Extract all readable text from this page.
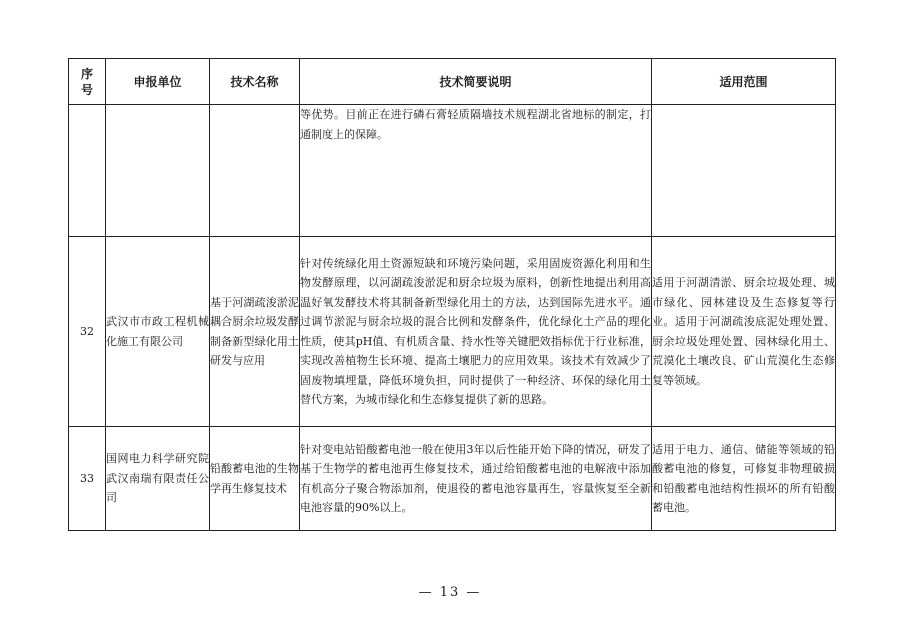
序号	申报单位	技术名称	技术简要说明	适用范围
			等优势。目前正在进行磷石膏轻质隔墙技术规程湖北省地标的制定，打通制度上的保障。	
32	武汉市市政工程机械化施工有限公司	基于河湖疏浚淤泥耦合厨余垃圾发酵制备新型绿化用土研发与应用	针对传统绿化用土资源短缺和环境污染问题，采用固废资源化利用和生物发酵原理，以河湖疏浚淤泥和厨余垃圾为原料，创新性地提出利用高温好氧发酵技术将其制备新型绿化用土的方法，达到国际先进水平。通过调节淤泥与厨余垃圾的混合比例和发酵条件，优化绿化土产品的理化性质，使其pH值、有机质含量、持水性等关键肥效指标优于行业标准，实现改善植物生长环境、提高土壤肥力的应用效果。该技术有效减少了固废物填埋量，降低环境负担，同时提供了一种经济、环保的绿化用土替代方案，为城市绿化和生态修复提供了新的思路。	适用于河湖清淤、厨余垃圾处理、城市绿化、园林建设及生态修复等行业。适用于河湖疏浚底泥处理处置、厨余垃圾处理处置、园林绿化用土、荒漠化土壤改良、矿山荒漠化生态修复等领域。
33	国网电力科学研究院武汉南瑞有限责任公司	铅酸蓄电池的生物学再生修复技术	针对变电站铅酸蓄电池一般在使用3年以后性能开始下降的情况，研发了基于生物学的蓄电池再生修复技术，通过给铅酸蓄电池的电解液中添加有机高分子聚合物添加剂，使退役的蓄电池容量再生，容量恢复至全新电池容量的90%以上。	适用于电力、通信、储能等领域的铅酸蓄电池的修复，可修复非物理破损和铅酸蓄电池结构性损坏的所有铅酸蓄电池。
— 13 —
